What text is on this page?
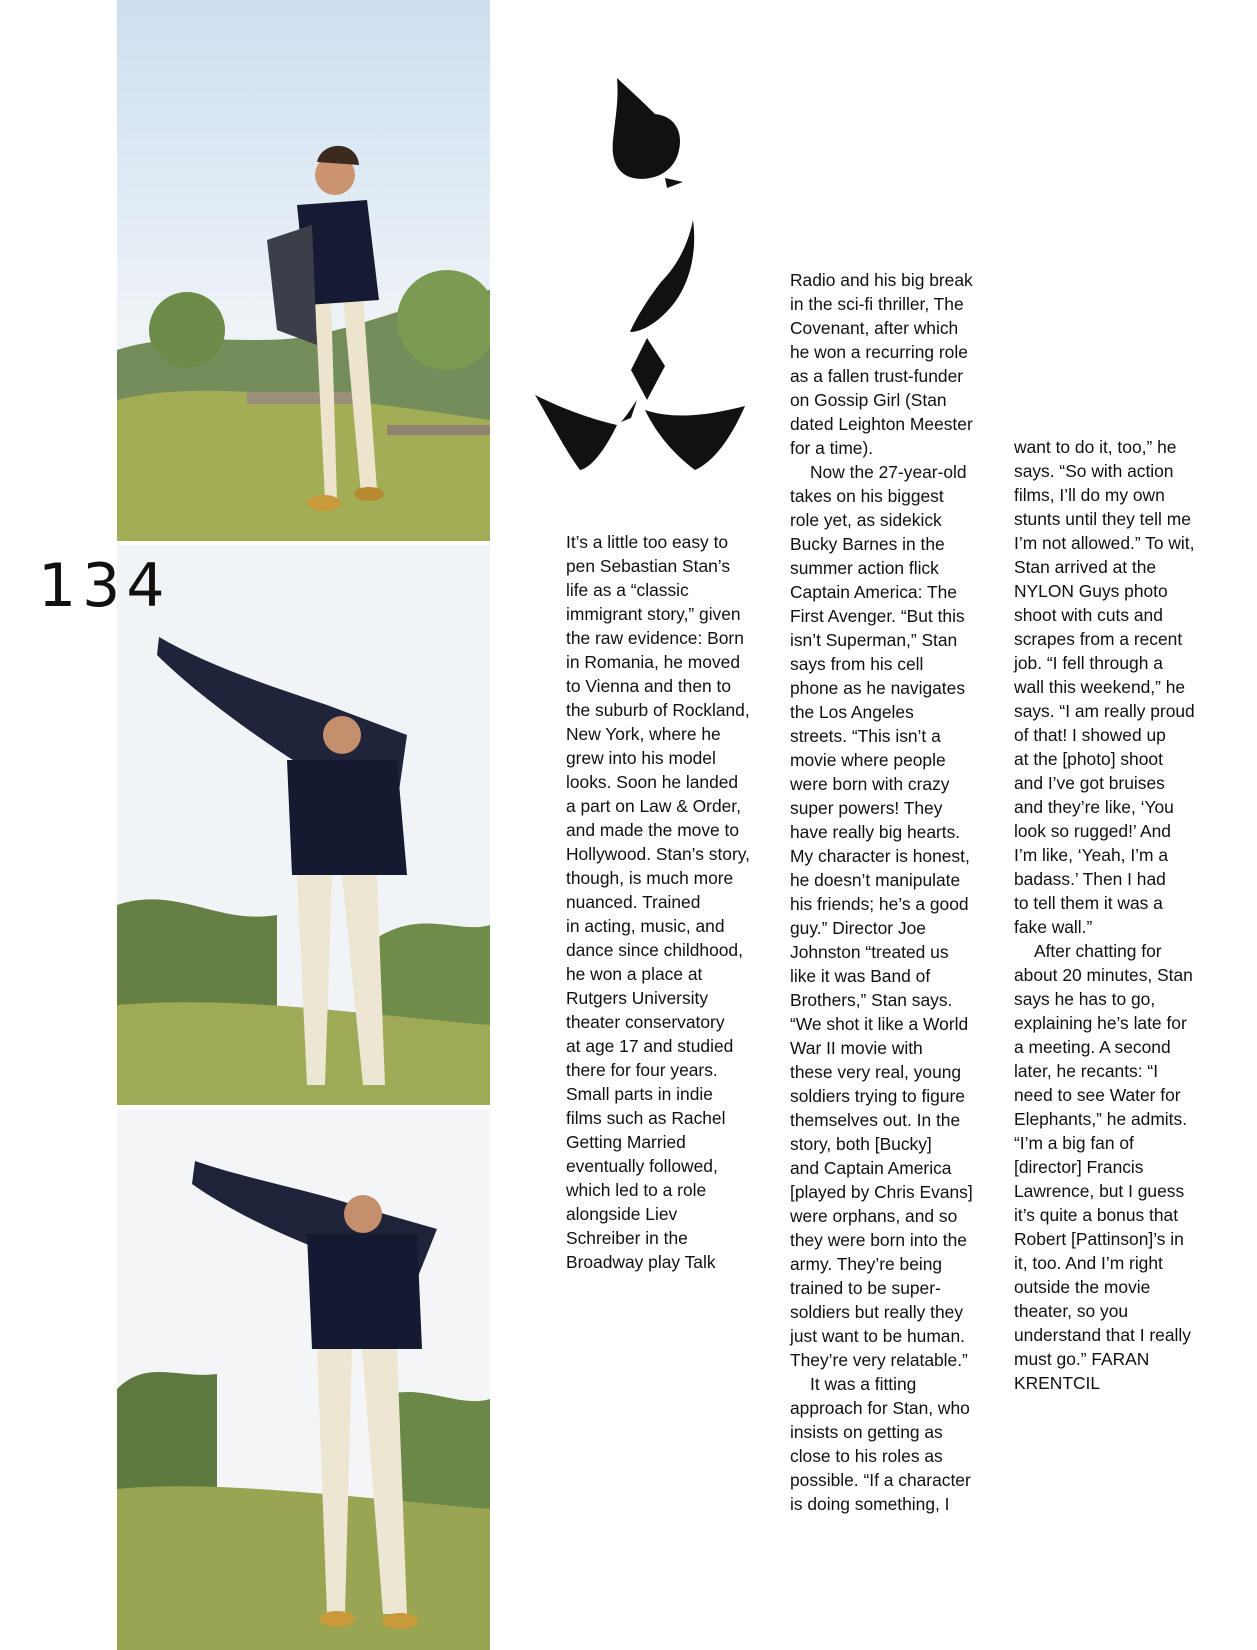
134
It’s a little too easy to
pen Sebastian Stan’s
life as a “classic
immigrant story,” given
the raw evidence: Born
in Romania, he moved
to Vienna and then to
the suburb of Rockland,
New York, where he
grew into his model
looks. Soon he landed
a part on Law & Order,
and made the move to
Hollywood. Stan’s story,
though, is much more
nuanced. Trained
in acting, music, and
dance since childhood,
he won a place at
Rutgers University
theater conservatory
at age 17 and studied
there for four years.
Small parts in indie
films such as Rachel
Getting Married
eventually followed,
which led to a role
alongside Liev
Schreiber in the
Broadway play Talk
Radio and his big break
in the sci-fi thriller, The
Covenant, after which
he won a recurring role
as a fallen trust-funder
on Gossip Girl (Stan
dated Leighton Meester
for a time).
Now the 27-year-old
takes on his biggest
role yet, as sidekick
Bucky Barnes in the
summer action flick
Captain America: The
First Avenger. “But this
isn’t Superman,” Stan
says from his cell
phone as he navigates
the Los Angeles
streets. “This isn’t a
movie where people
were born with crazy
super powers! They
have really big hearts.
My character is honest,
he doesn’t manipulate
his friends; he’s a good
guy.” Director Joe
Johnston “treated us
like it was Band of
Brothers,” Stan says.
“We shot it like a World
War II movie with
these very real, young
soldiers trying to figure
themselves out. In the
story, both [Bucky]
and Captain America
[played by Chris Evans]
were orphans, and so
they were born into the
army. They’re being
trained to be super-
soldiers but really they
just want to be human.
They’re very relatable.”
It was a fitting
approach for Stan, who
insists on getting as
close to his roles as
possible. “If a character
is doing something, I
want to do it, too,” he
says. “So with action
films, I’ll do my own
stunts until they tell me
I’m not allowed.” To wit,
Stan arrived at the
NYLON Guys photo
shoot with cuts and
scrapes from a recent
job. “I fell through a
wall this weekend,” he
says. “I am really proud
of that! I showed up
at the [photo] shoot
and I’ve got bruises
and they’re like, ‘You
look so rugged!’ And
I’m like, ‘Yeah, I’m a
badass.’ Then I had
to tell them it was a
fake wall.”
After chatting for
about 20 minutes, Stan
says he has to go,
explaining he’s late for
a meeting. A second
later, he recants: “I
need to see Water for
Elephants,” he admits.
“I’m a big fan of
[director] Francis
Lawrence, but I guess
it’s quite a bonus that
Robert [Pattinson]’s in
it, too. And I’m right
outside the movie
theater, so you
understand that I really
must go.” FARAN
KRENTCIL
